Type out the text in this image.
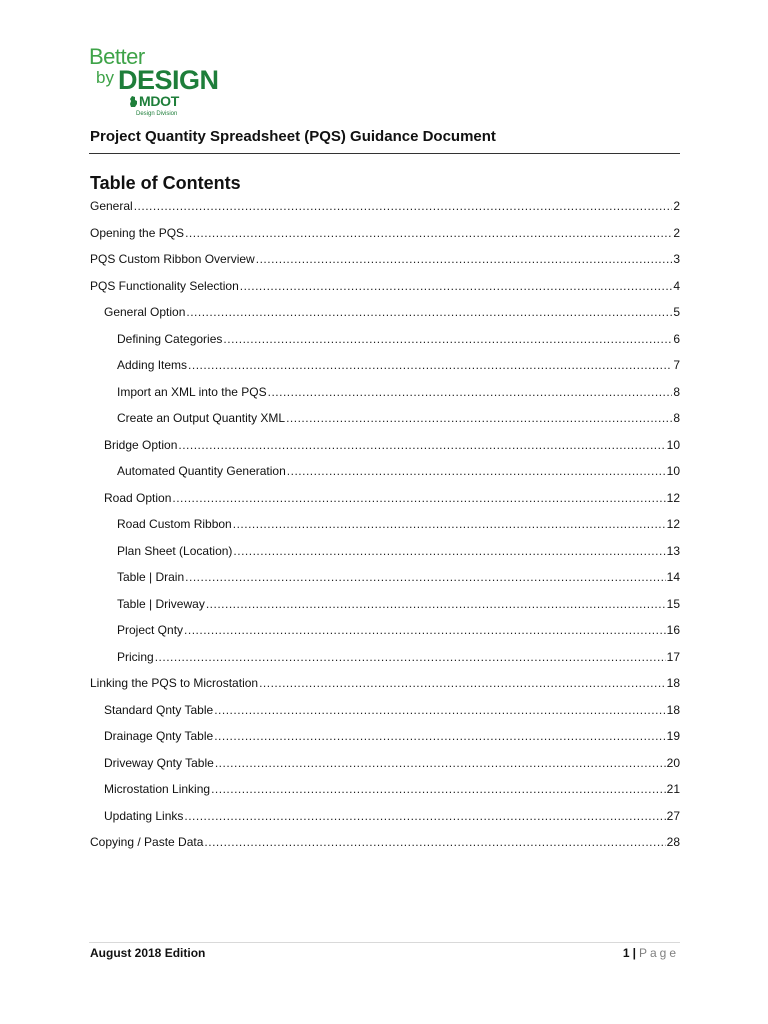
Better
by DESIGN
MDOT
Design Division
Project Quantity Spreadsheet (PQS) Guidance Document
Table of Contents
General .....	2
Opening the PQS .....	2
PQS Custom Ribbon Overview .....	3
PQS Functionality Selection .....	4
General Option .....	5
Defining Categories .....	6
Adding Items .....	7
Import an XML into the PQS .....	8
Create an Output Quantity XML .....	8
Bridge Option .....	10
Automated Quantity Generation .....	10
Road Option .....	12
Road Custom Ribbon .....	12
Plan Sheet (Location) .....	13
Table | Drain .....	14
Table | Driveway .....	15
Project Qnty .....	16
Pricing .....	17
Linking the PQS to Microstation .....	18
Standard Qnty Table .....	18
Drainage Qnty Table .....	19
Driveway Qnty Table .....	20
Microstation Linking .....	21
Updating Links .....	27
Copying / Paste Data .....	28
August 2018 Edition	1 | Page
